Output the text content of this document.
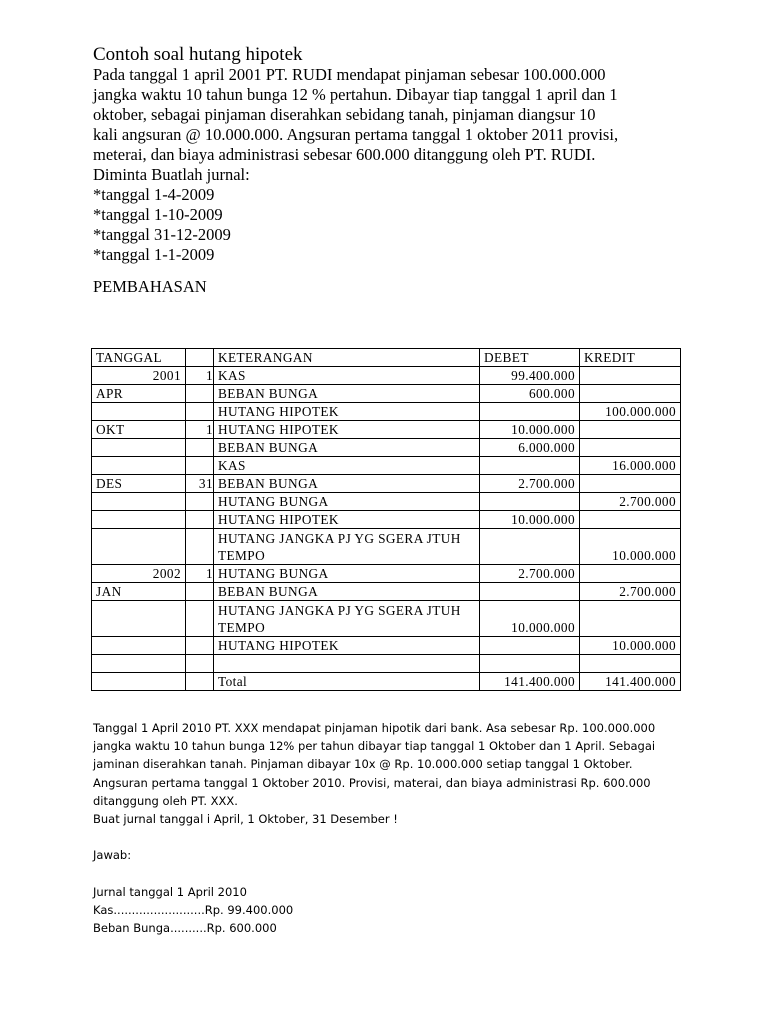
Contoh soal hutang hipotek
Pada tanggal 1 april 2001 PT. RUDI mendapat pinjaman sebesar 100.000.000
jangka waktu 10 tahun bunga 12 % pertahun. Dibayar tiap tanggal 1 april dan 1
oktober, sebagai pinjaman diserahkan sebidang tanah, pinjaman diangsur 10
kali angsuran @ 10.000.000. Angsuran pertama tanggal 1 oktober 2011 provisi,
meterai, dan biaya administrasi sebesar 600.000 ditanggung oleh PT. RUDI.
Diminta Buatlah jurnal:
*tanggal 1-4-2009
*tanggal 1-10-2009
*tanggal 31-12-2009
*tanggal 1-1-2009
PEMBAHASAN
TANGGAL		KETERANGAN	DEBET	KREDIT
2001	1	KAS	99.400.000	
APR		BEBAN BUNGA	600.000	
		HUTANG HIPOTEK		100.000.000
OKT	1	HUTANG HIPOTEK	10.000.000	
		BEBAN BUNGA	6.000.000	
		KAS		16.000.000
DES	31	BEBAN BUNGA	2.700.000	
		HUTANG BUNGA		2.700.000
		HUTANG HIPOTEK	10.000.000	
		HUTANG JANGKA PJ YG SGERA JTUH TEMPO		10.000.000
2002	1	HUTANG BUNGA	2.700.000	
JAN		BEBAN BUNGA		2.700.000
		HUTANG JANGKA PJ YG SGERA JTUH TEMPO	10.000.000	
		HUTANG HIPOTEK		10.000.000

		Total	141.400.000	141.400.000
Tanggal 1 April 2010 PT. XXX mendapat pinjaman hipotik dari bank. Asa sebesar Rp. 100.000.000
jangka waktu 10 tahun bunga 12% per tahun dibayar tiap tanggal 1 Oktober dan 1 April. Sebagai
jaminan diserahkan tanah. Pinjaman dibayar 10x @ Rp. 10.000.000 setiap tanggal 1 Oktober.
Angsuran pertama tanggal 1 Oktober 2010. Provisi, materai, dan biaya administrasi Rp. 600.000
ditanggung oleh PT. XXX.
Buat jurnal tanggal i April, 1 Oktober, 31 Desember !
Jawab:
Jurnal tanggal 1 April 2010
Kas.........................Rp. 99.400.000
Beban Bunga..........Rp. 600.000
